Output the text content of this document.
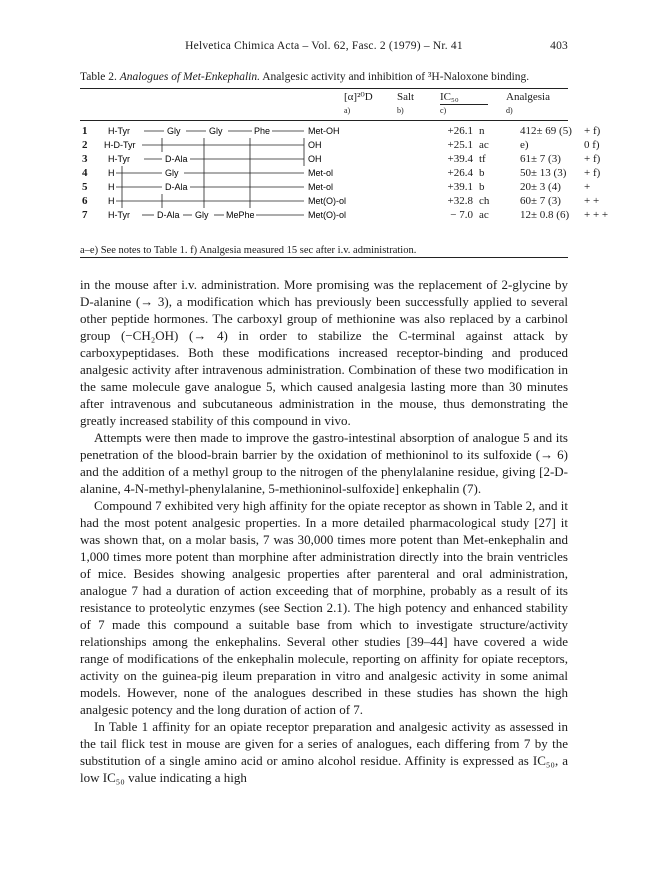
Helvetica Chimica Acta – Vol. 62, Fasc. 2 (1979) – Nr. 41	403
Table 2. Analogues of Met-Enkephalin. Analgesic activity and inhibition of ³H-Naloxone binding.
[α]²⁰D
a)
Salt
b)
IC₅₀
c)
Analgesia
d)
1 H-Tyr	Gly	Gly	Phe	Met-OH	+26.1 n	412± 69 (5)	+ f)
2 H-D-Tyr	OH	+25.1 ac	e)	0 f)
3 H-Tyr	D-Ala	OH	+39.4 tf	61± 7 (3)	+ f)
4 H	Gly	Met-ol	+26.4 b	50± 13 (3)	+ f)
5 H	D-Ala	Met-ol	+39.1 b	20± 3 (4)	+
6 H	Met(O)-ol	+32.8 ch	60± 7 (3)	+ +
7 H-Tyr	D-Ala Gly MePhe	Met(O)-ol	− 7.0 ac	12± 0.8 (6)	+ + +
a–e) See notes to Table 1. f) Analgesia measured 15 sec after i.v. administration.

in the mouse after i.v. administration. More promising was the replacement of 2-glycine by D-alanine (→ 3), a modification which has previously been successfully applied to several other peptide hormones. The carboxyl group of methionine was also replaced by a carbinol group (−CH₂OH) (→ 4) in order to stabilize the C-terminal against attack by carboxypeptidases. Both these modifications increased receptor-binding and produced analgesic activity after intravenous administration. Combination of these two modification in the same molecule gave analogue 5, which caused analgesia lasting more than 30 minutes after intravenous and subcutaneous administration in the mouse, thus demonstrating the greatly increased stability of this compound in vivo.

Attempts were then made to improve the gastro-intestinal absorption of analogue 5 and its penetration of the blood-brain barrier by the oxidation of methioninol to its sulfoxide (→ 6) and the addition of a methyl group to the nitrogen of the phenylalanine residue, giving [2-D-alanine, 4-N-methyl-phenylalanine, 5-methioninol-sulfoxide] enkephalin (7).

Compound 7 exhibited very high affinity for the opiate receptor as shown in Table 2, and it had the most potent analgesic properties. In a more detailed pharmacological study [27] it was shown that, on a molar basis, 7 was 30,000 times more potent than Met-enkephalin and 1,000 times more potent than morphine after administration directly into the brain ventricles of mice. Besides showing analgesic properties after parenteral and oral administration, analogue 7 had a duration of action exceeding that of morphine, probably as a result of its resistance to proteolytic enzymes (see Section 2.1). The high potency and enhanced stability of 7 made this compound a suitable base from which to investigate structure/activity relationships among the enkephalins. Several other studies [39–44] have covered a wide range of modifications of the enkephalin molecule, reporting on affinity for opiate receptors, activity on the guinea-pig ileum preparation in vitro and analgesic activity in some animal models. However, none of the analogues described in these studies has shown the high analgesic potency and the long duration of action of 7.

In Table 1 affinity for an opiate receptor preparation and analgesic activity as assessed in the tail flick test in mouse are given for a series of analogues, each differing from 7 by the substitution of a single amino acid or amino alcohol residue. Affinity is expressed as IC₅₀, a low IC₅₀ value indicating a high
